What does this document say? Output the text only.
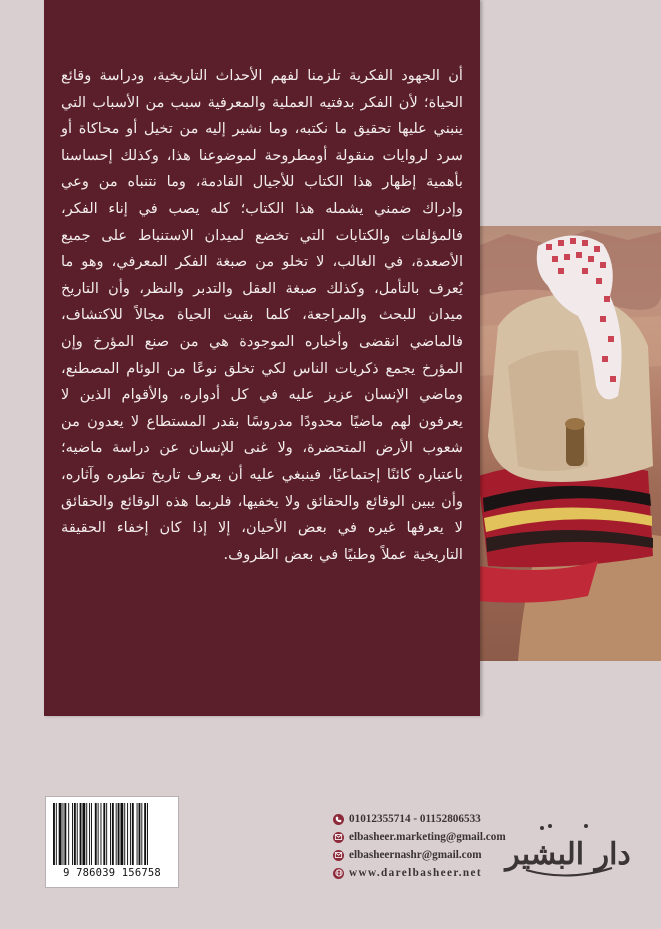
أن الجهود الفكرية تلزمنا لفهم الأحداث التاريخية، ودراسة وقائع الحياة؛ لأن الفكر بدفتيه العملية والمعرفية سبب من الأسباب التي ينبني عليها تحقيق ما نكتبه، وما نشير إليه من تخيل أو محاكاة أو سرد لروايات منقولة أومطروحة لموضوعنا هذا، وكذلك إحساسنا بأهمية إظهار هذا الكتاب للأجيال القادمة، وما نتنباه من وعي وإدراك ضمني يشمله هذا الكتاب؛ كله يصب في إناء الفكر، فالمؤلفات والكتابات التي تخضع لميدان الاستنباط على جميع الأصعدة، في الغالب، لا تخلو من صبغة الفكر المعرفي، وهو ما يُعرف بالتأمل، وكذلك صبغة العقل والتدبر والنظر، وأن التاريخ ميدان للبحث والمراجعة، كلما بقيت الحياة مجالاً للاكتشاف، فالماضي انقضى وأخباره الموجودة هي من صنع المؤرخ وإن المؤرخ يجمع ذكريات الناس لكي تخلق نوعًا من الوئام المصطنع، وماضي الإنسان عزيز عليه في كل أدواره، والأقوام الذين لا يعرفون لهم ماضيًا محدودًا مدروسًا بقدر المستطاع لا يعدون من شعوب الأرض المتحضرة، ولا غنى للإنسان عن دراسة ماضيه؛ باعتباره كائنًا إجتماعيًا، فينبغي عليه أن يعرف تاريخ تطوره وآثاره، وأن يبين الوقائع والحقائق ولا يخفيها، فلربما هذه الوقائع والحقائق لا يعرفها غيره في بعض الأحيان، إلا إذا كان إخفاء الحقيقة التاريخية عملاً وطنيًا في بعض الظروف.
9 786039 156758
01012355714 - 01152806533
elbasheer.marketing@gmail.com
elbasheernashr@gmail.com
www.darelbasheer.net
دار البشير
